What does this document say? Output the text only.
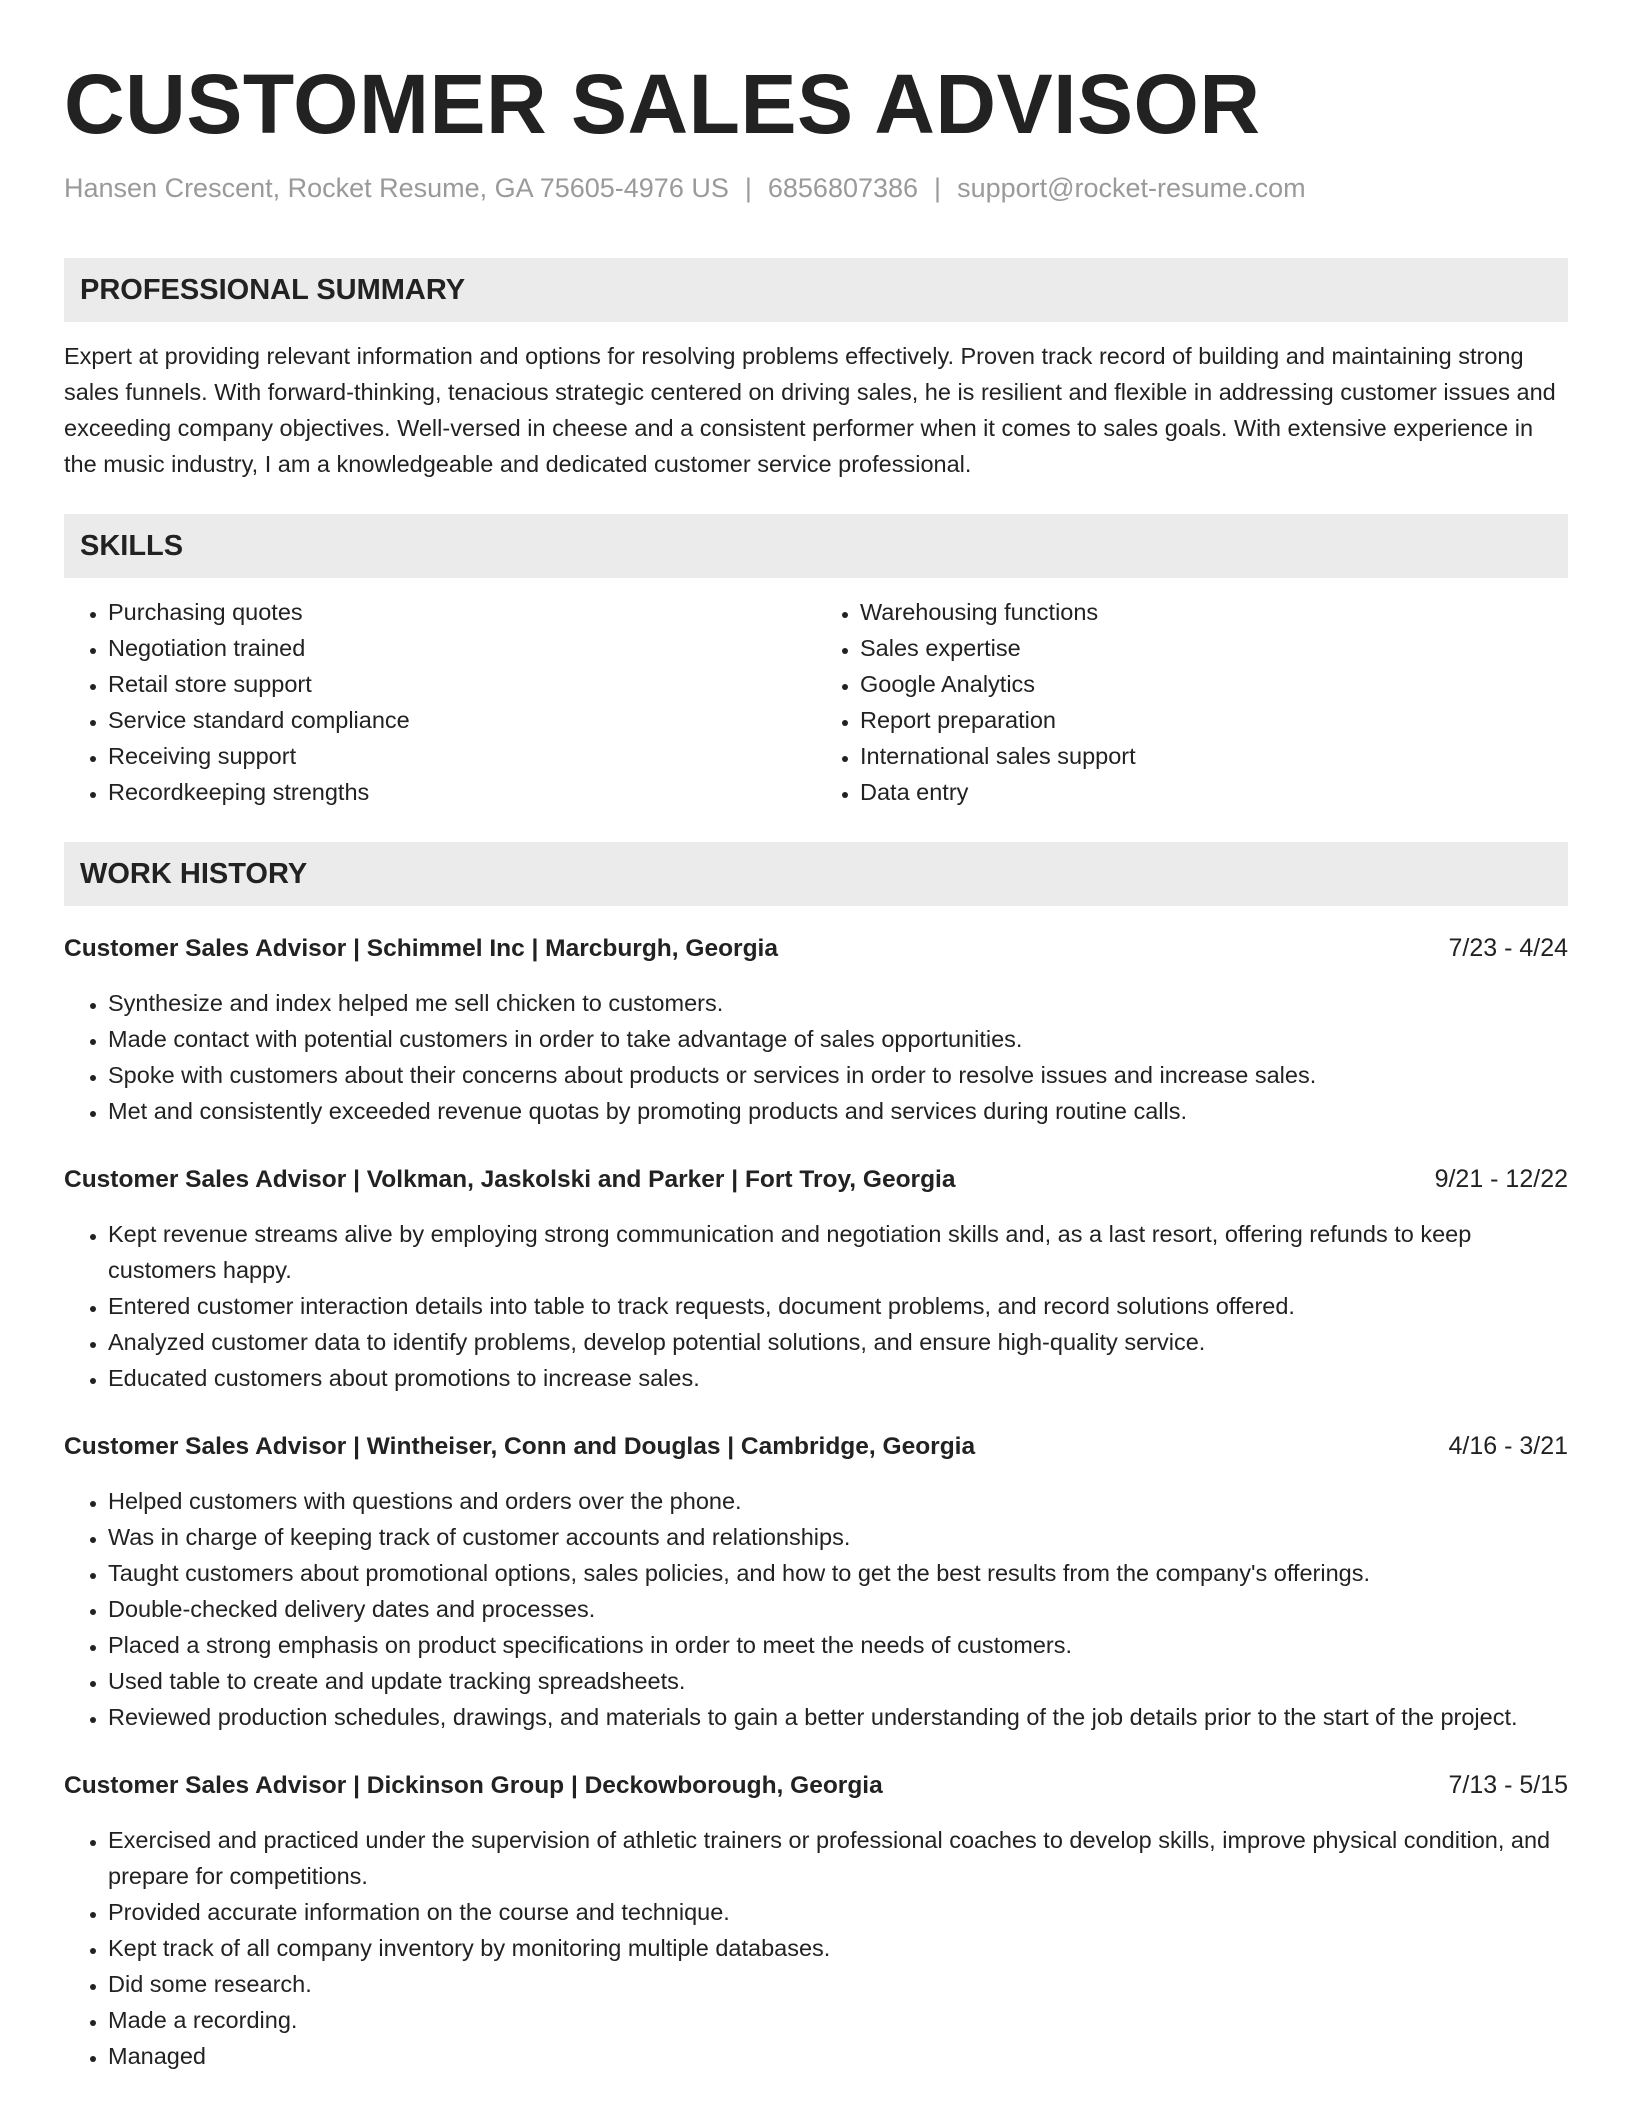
CUSTOMER SALES ADVISOR
Hansen Crescent, Rocket Resume, GA 75605-4976 US | 6856807386 | support@rocket-resume.com
PROFESSIONAL SUMMARY
Expert at providing relevant information and options for resolving problems effectively. Proven track record of building and maintaining strong sales funnels. With forward-thinking, tenacious strategic centered on driving sales, he is resilient and flexible in addressing customer issues and exceeding company objectives. Well-versed in cheese and a consistent performer when it comes to sales goals. With extensive experience in the music industry, I am a knowledgeable and dedicated customer service professional.
SKILLS
• Purchasing quotes
• Negotiation trained
• Retail store support
• Service standard compliance
• Receiving support
• Recordkeeping strengths
• Warehousing functions
• Sales expertise
• Google Analytics
• Report preparation
• International sales support
• Data entry
WORK HISTORY
Customer Sales Advisor | Schimmel Inc | Marcburgh, Georgia	7/23 - 4/24
• Synthesize and index helped me sell chicken to customers.
• Made contact with potential customers in order to take advantage of sales opportunities.
• Spoke with customers about their concerns about products or services in order to resolve issues and increase sales.
• Met and consistently exceeded revenue quotas by promoting products and services during routine calls.
Customer Sales Advisor | Volkman, Jaskolski and Parker | Fort Troy, Georgia	9/21 - 12/22
• Kept revenue streams alive by employing strong communication and negotiation skills and, as a last resort, offering refunds to keep customers happy.
• Entered customer interaction details into table to track requests, document problems, and record solutions offered.
• Analyzed customer data to identify problems, develop potential solutions, and ensure high-quality service.
• Educated customers about promotions to increase sales.
Customer Sales Advisor | Wintheiser, Conn and Douglas | Cambridge, Georgia	4/16 - 3/21
• Helped customers with questions and orders over the phone.
• Was in charge of keeping track of customer accounts and relationships.
• Taught customers about promotional options, sales policies, and how to get the best results from the company's offerings.
• Double-checked delivery dates and processes.
• Placed a strong emphasis on product specifications in order to meet the needs of customers.
• Used table to create and update tracking spreadsheets.
• Reviewed production schedules, drawings, and materials to gain a better understanding of the job details prior to the start of the project.
Customer Sales Advisor | Dickinson Group | Deckowborough, Georgia	7/13 - 5/15
• Exercised and practiced under the supervision of athletic trainers or professional coaches to develop skills, improve physical condition, and prepare for competitions.
• Provided accurate information on the course and technique.
• Kept track of all company inventory by monitoring multiple databases.
• Did some research.
• Made a recording.
• Managed
